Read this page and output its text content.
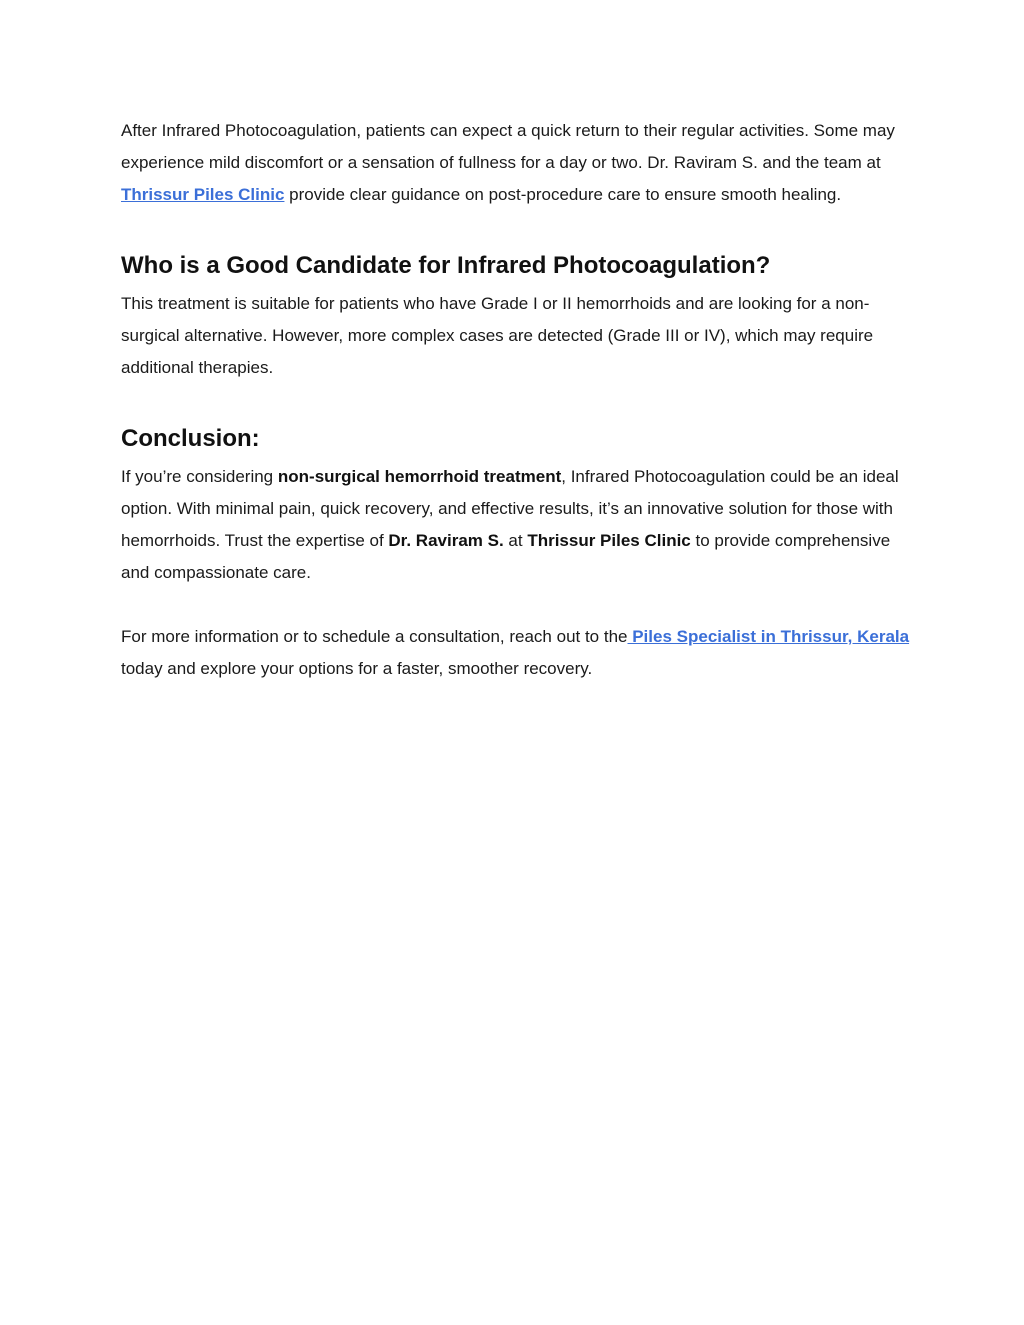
After Infrared Photocoagulation, patients can expect a quick return to their regular activities. Some may experience mild discomfort or a sensation of fullness for a day or two. Dr. Raviram S. and the team at Thrissur Piles Clinic provide clear guidance on post-procedure care to ensure smooth healing.

Who is a Good Candidate for Infrared Photocoagulation?

This treatment is suitable for patients who have Grade I or II hemorrhoids and are looking for a non-surgical alternative. However, more complex cases are detected (Grade III or IV), which may require additional therapies.

Conclusion:

If you’re considering non-surgical hemorrhoid treatment, Infrared Photocoagulation could be an ideal option. With minimal pain, quick recovery, and effective results, it’s an innovative solution for those with hemorrhoids. Trust the expertise of Dr. Raviram S. at Thrissur Piles Clinic to provide comprehensive and compassionate care.

For more information or to schedule a consultation, reach out to the Piles Specialist in Thrissur, Kerala today and explore your options for a faster, smoother recovery.
